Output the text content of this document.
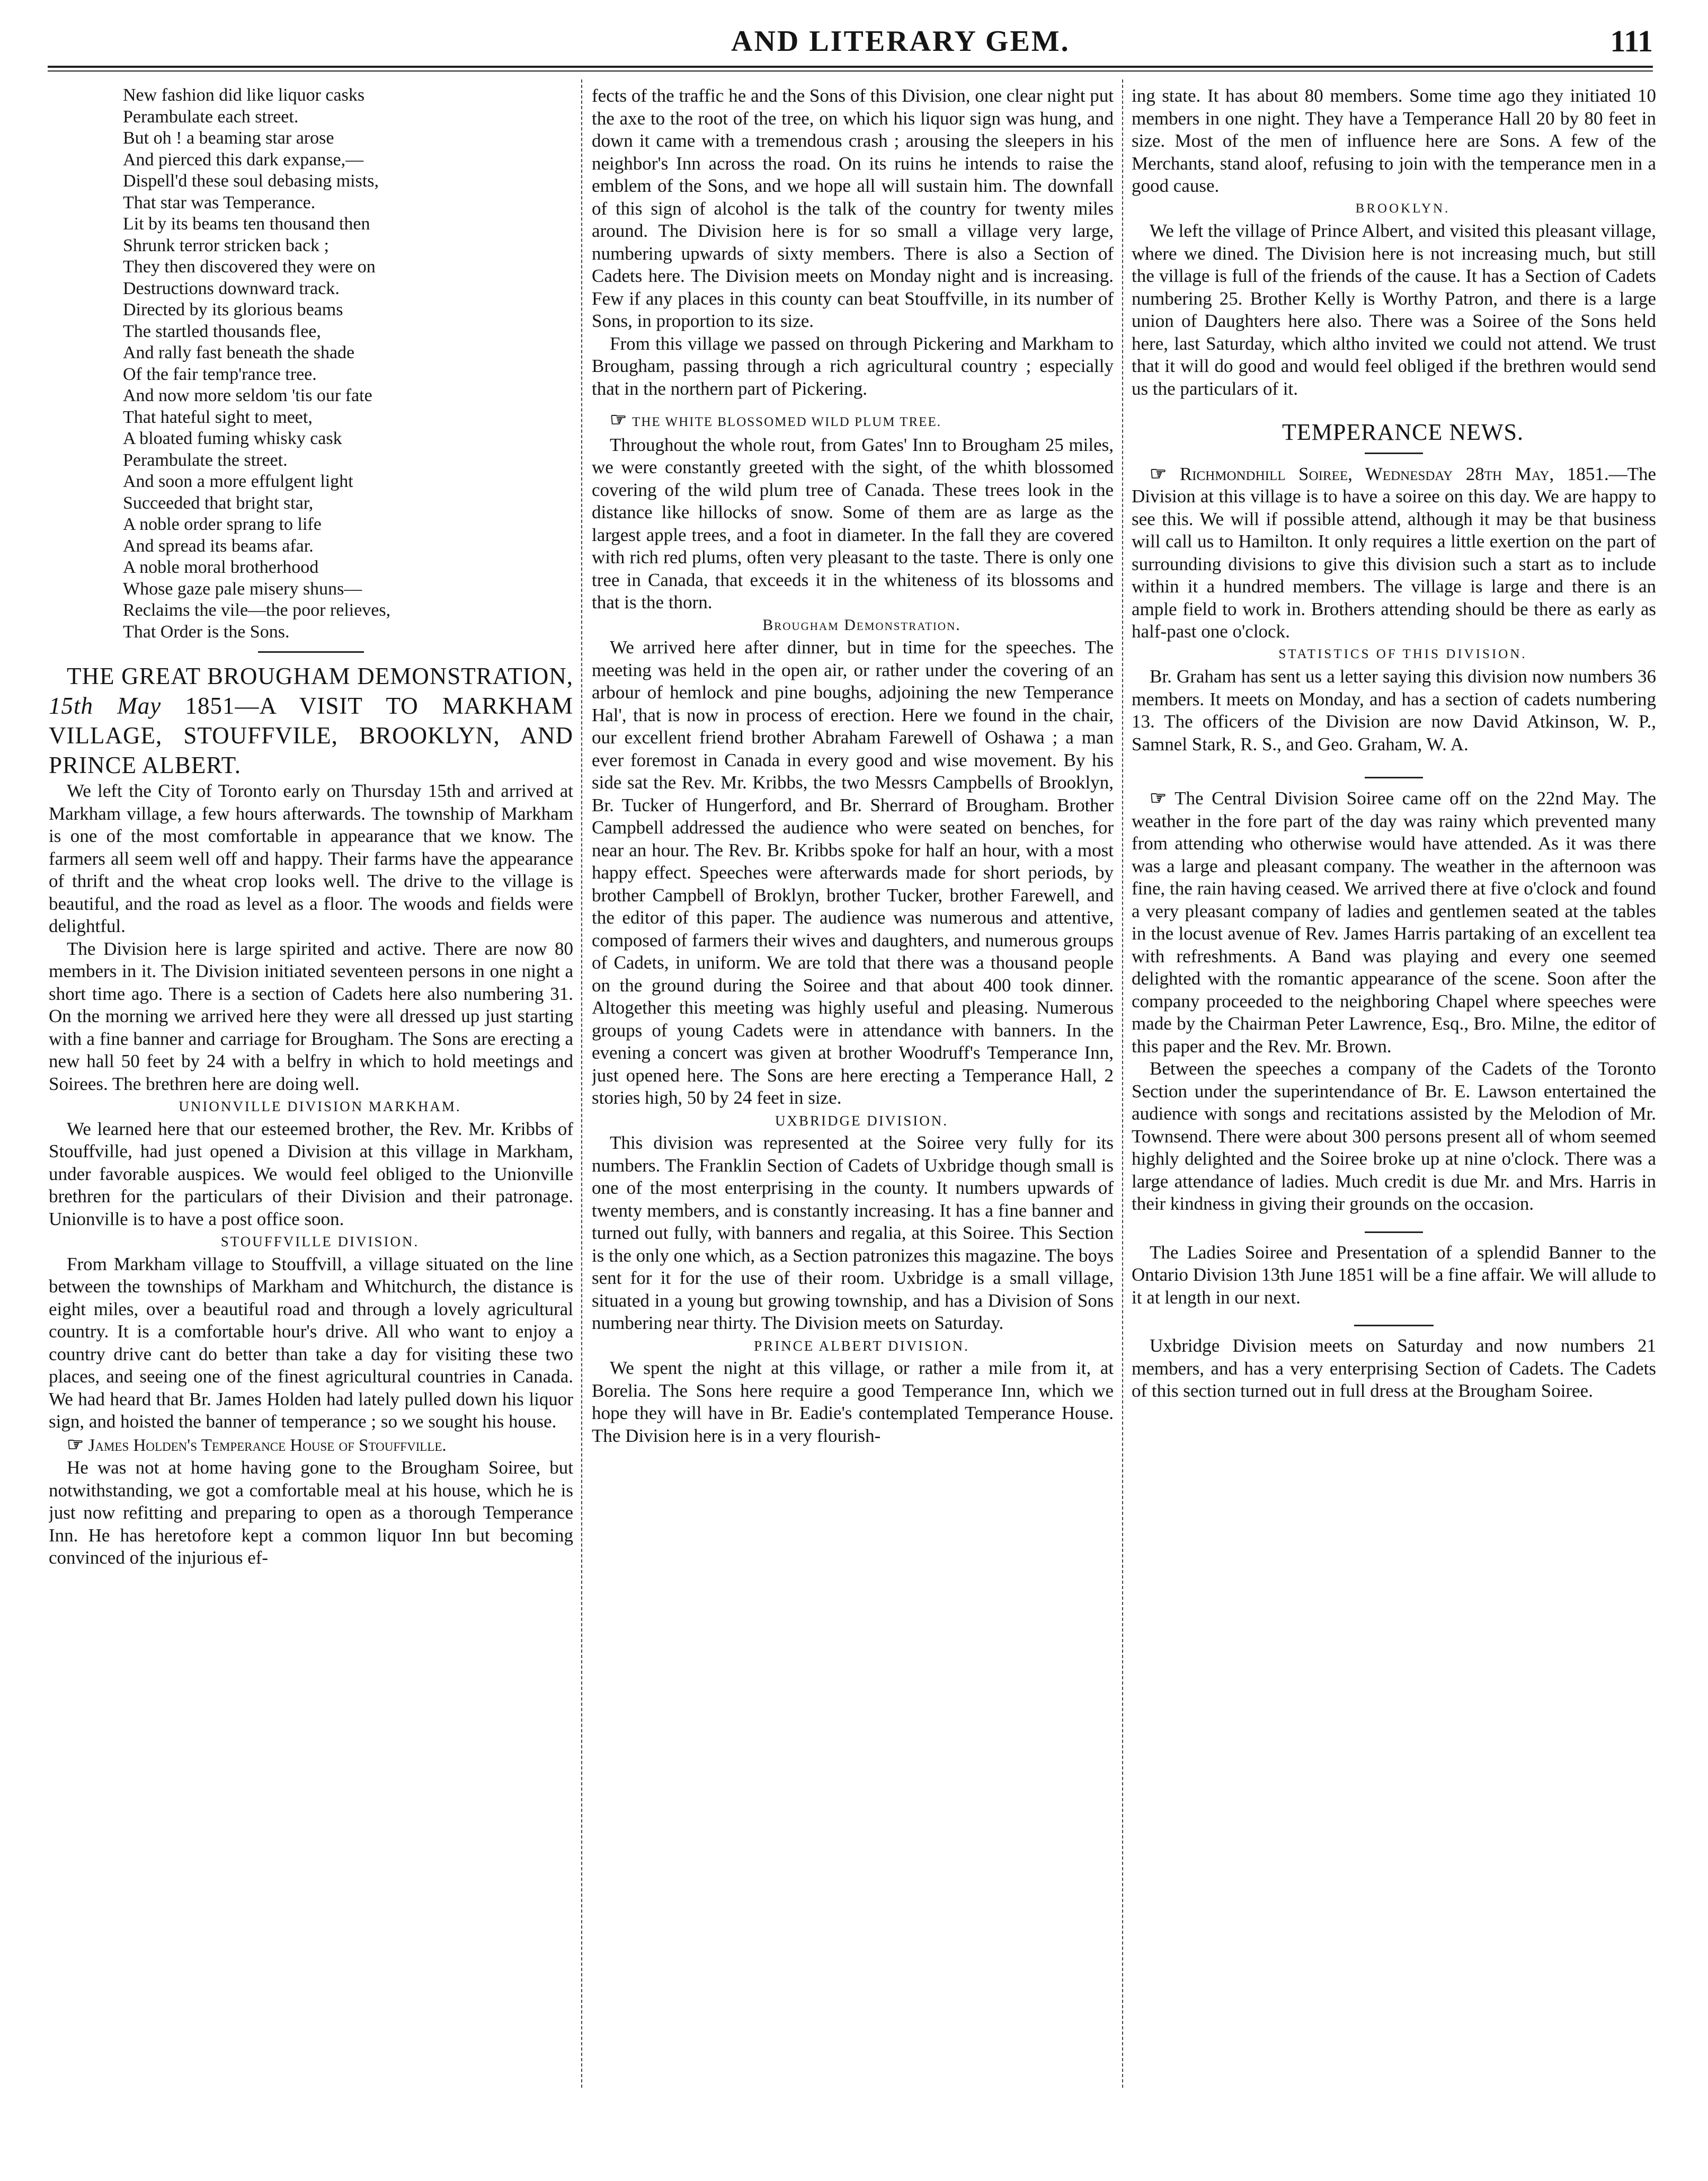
AND LITERARY GEM.	111
New fashion did like liquor casks
Perambulate each street.
But oh ! a beaming star arose
And pierced this dark expanse,—
Dispell'd these soul debasing mists,
That star was Temperance.
Lit by its beams ten thousand then
Shrunk terror stricken back ;
They then discovered they were on
Destructions downward track.
Directed by its glorious beams
The startled thousands flee,
And rally fast beneath the shade
Of the fair temp'rance tree.
And now more seldom 'tis our fate
That hateful sight to meet,
A bloated fuming whisky cask
Perambulate the street.
And soon a more effulgent light
Succeeded that bright star,
A noble order sprang to life
And spread its beams afar.
A noble moral brotherhood
Whose gaze pale misery shuns—
Reclaims the vile—the poor relieves,
That Order is the Sons.

THE GREAT BROUGHAM DEMONSTRATION, 15th May 1851—A VISIT TO MARKHAM VILLAGE, STOUFFVILE, BROOKLYN, AND PRINCE ALBERT.

We left the City of Toronto early on Thursday 15th and arrived at Markham village, a few hours afterwards. The township of Markham is one of the most comfortable in appearance that we know. The farmers all seem well off and happy. Their farms have the appearance of thrift and the wheat crop looks well. The drive to the village is beautiful, and the road as level as a floor. The woods and fields were delightful.

The Division here is large spirited and active. There are now 80 members in it. The Division initiated seventeen persons in one night a short time ago. There is a section of Cadets here also numbering 31. On the morning we arrived here they were all dressed up just starting with a fine banner and carriage for Brougham. The Sons are erecting a new hall 50 feet by 24 with a belfry in which to hold meetings and Soirees. The brethren here are doing well.

UNIONVILLE DIVISION MARKHAM.

We learned here that our esteemed brother, the Rev. Mr. Kribbs of Stouffville, had just opened a Division at this village in Markham, under favorable auspices. We would feel obliged to the Unionville brethren for the particulars of their Division and their patronage. Unionville is to have a post office soon.

STOUFFVILLE DIVISION.

From Markham village to Stouffvill, a village situated on the line between the townships of Markham and Whitchurch, the distance is eight miles, over a beautiful road and through a lovely agricultural country. It is a comfortable hour's drive. All who want to enjoy a country drive cant do better than take a day for visiting these two places, and seeing one of the finest agricultural countries in Canada. We had heard that Br. James Holden had lately pulled down his liquor sign, and hoisted the banner of temperance ; so we sought his house.

☞ James Holden's Temperance House of Stouffville.

He was not at home having gone to the Brougham Soiree, but notwithstanding, we got a comfortable meal at his house, which he is just now refitting and preparing to open as a thorough Temperance Inn. He has heretofore kept a common liquor Inn but becoming convinced of the injurious ef-

fects of the traffic he and the Sons of this Division, one clear night put the axe to the root of the tree, on which his liquor sign was hung, and down it came with a tremendous crash ; arousing the sleepers in his neighbor's Inn across the road. On its ruins he intends to raise the emblem of the Sons, and we hope all will sustain him. The downfall of this sign of alcohol is the talk of the country for twenty miles around. The Division here is for so small a village very large, numbering upwards of sixty members. There is also a Section of Cadets here. The Division meets on Monday night and is increasing. Few if any places in this county can beat Stouffville, in its number of Sons, in proportion to its size.

From this village we passed on through Pickering and Markham to Brougham, passing through a rich agricultural country ; especially that in the northern part of Pickering.

☞ THE WHITE BLOSSOMED WILD PLUM TREE.

Throughout the whole rout, from Gates' Inn to Brougham 25 miles, we were constantly greeted with the sight, of the whith blossomed covering of the wild plum tree of Canada. These trees look in the distance like hillocks of snow. Some of them are as large as the largest apple trees, and a foot in diameter. In the fall they are covered with rich red plums, often very pleasant to the taste. There is only one tree in Canada, that exceeds it in the whiteness of its blossoms and that is the thorn.

Brougham Demonstration.

We arrived here after dinner, but in time for the speeches. The meeting was held in the open air, or rather under the covering of an arbour of hemlock and pine boughs, adjoining the new Temperance Hal', that is now in process of erection. Here we found in the chair, our excellent friend brother Abraham Farewell of Oshawa ; a man ever foremost in Canada in every good and wise movement. By his side sat the Rev. Mr. Kribbs, the two Messrs Campbells of Brooklyn, Br. Tucker of Hungerford, and Br. Sherrard of Brougham. Brother Campbell addressed the audience who were seated on benches, for near an hour. The Rev. Br. Kribbs spoke for half an hour, with a most happy effect. Speeches were afterwards made for short periods, by brother Campbell of Broklyn, brother Tucker, brother Farewell, and the editor of this paper. The audience was numerous and attentive, composed of farmers their wives and daughters, and numerous groups of Cadets, in uniform. We are told that there was a thousand people on the ground during the Soiree and that about 400 took dinner. Altogether this meeting was highly useful and pleasing. Numerous groups of young Cadets were in attendance with banners. In the evening a concert was given at brother Woodruff's Temperance Inn, just opened here. The Sons are here erecting a Temperance Hall, 2 stories high, 50 by 24 feet in size.

UXBRIDGE DIVISION.

This division was represented at the Soiree very fully for its numbers. The Franklin Section of Cadets of Uxbridge though small is one of the most enterprising in the county. It numbers upwards of twenty members, and is constantly increasing. It has a fine banner and turned out fully, with banners and regalia, at this Soiree. This Section is the only one which, as a Section patronizes this magazine. The boys sent for it for the use of their room. Uxbridge is a small village, situated in a young but growing township, and has a Division of Sons numbering near thirty. The Division meets on Saturday.

PRINCE ALBERT DIVISION.

We spent the night at this village, or rather a mile from it, at Borelia. The Sons here require a good Temperance Inn, which we hope they will have in Br. Eadie's contemplated Temperance House. The Division here is in a very flourish-

ing state. It has about 80 members. Some time ago they initiated 10 members in one night. They have a Temperance Hall 20 by 80 feet in size. Most of the men of influence here are Sons. A few of the Merchants, stand aloof, refusing to join with the temperance men in a good cause.

BROOKLYN.

We left the village of Prince Albert, and visited this pleasant village, where we dined. The Division here is not increasing much, but still the village is full of the friends of the cause. It has a Section of Cadets numbering 25. Brother Kelly is Worthy Patron, and there is a large union of Daughters here also. There was a Soiree of the Sons held here, last Saturday, which altho invited we could not attend. We trust that it will do good and would feel obliged if the brethren would send us the particulars of it.

TEMPERANCE NEWS.

☞ Richmondhill Soiree, Wednesday 28th May, 1851.—The Division at this village is to have a soiree on this day. We are happy to see this. We will if possible attend, although it may be that business will call us to Hamilton. It only requires a little exertion on the part of surrounding divisions to give this division such a start as to include within it a hundred members. The village is large and there is an ample field to work in. Brothers attending should be there as early as half-past one o'clock.

STATISTICS OF THIS DIVISION.

Br. Graham has sent us a letter saying this division now numbers 36 members. It meets on Monday, and has a section of cadets numbering 13. The officers of the Division are now David Atkinson, W. P., Samnel Stark, R. S., and Geo. Graham, W. A.

☞ The Central Division Soiree came off on the 22nd May. The weather in the fore part of the day was rainy which prevented many from attending who otherwise would have attended. As it was there was a large and pleasant company. The weather in the afternoon was fine, the rain having ceased. We arrived there at five o'clock and found a very pleasant company of ladies and gentlemen seated at the tables in the locust avenue of Rev. James Harris partaking of an excellent tea with refreshments. A Band was playing and every one seemed delighted with the romantic appearance of the scene. Soon after the company proceeded to the neighboring Chapel where speeches were made by the Chairman Peter Lawrence, Esq., Bro. Milne, the editor of this paper and the Rev. Mr. Brown.

Between the speeches a company of the Cadets of the Toronto Section under the superintendance of Br. E. Lawson entertained the audience with songs and recitations assisted by the Melodion of Mr. Townsend. There were about 300 persons present all of whom seemed highly delighted and the Soiree broke up at nine o'clock. There was a large attendance of ladies. Much credit is due Mr. and Mrs. Harris in their kindness in giving their grounds on the occasion.

The Ladies Soiree and Presentation of a splendid Banner to the Ontario Division 13th June 1851 will be a fine affair. We will allude to it at length in our next.

Uxbridge Division meets on Saturday and now numbers 21 members, and has a very enterprising Section of Cadets. The Cadets of this section turned out in full dress at the Brougham Soiree.
